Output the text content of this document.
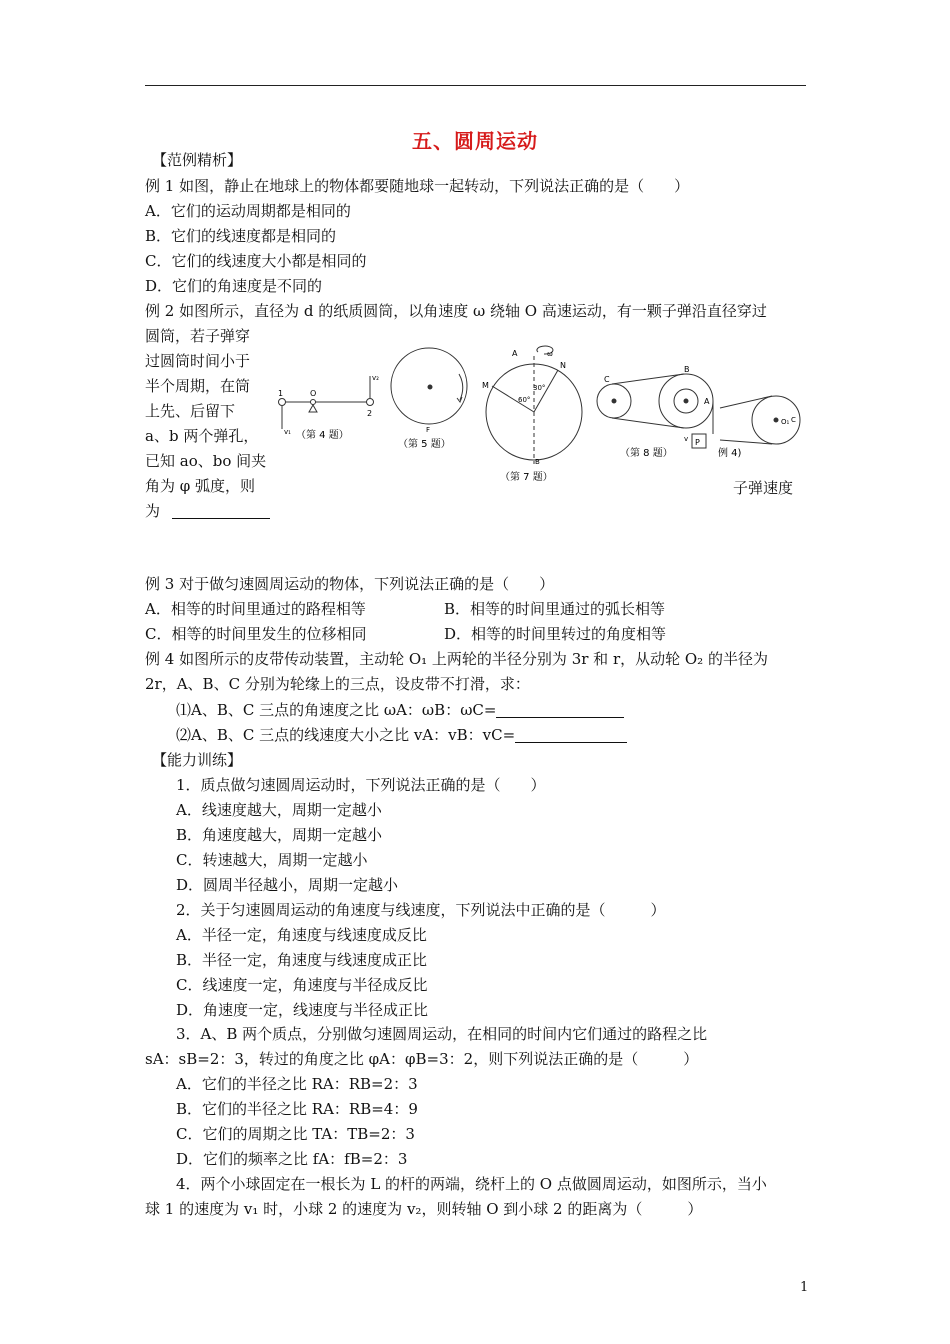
五、圆周运动
【范例精析】
例 1 如图，静止在地球上的物体都要随地球一起转动，下列说法正确的是（　　）
A．它们的运动周期都是相同的
B．它们的线速度都是相同的
C．它们的线速度大小都是相同的
D．它们的角速度是不同的
例 2 如图所示，直径为 d 的纸质圆筒，以角速度 ω 绕轴 O 高速运动，有一颗子弹沿直径穿过
圆筒，若子弹穿
过圆筒时间小于
半个周期，在筒
上先、后留下
a、b 两个弹孔，
已知 ao、bo 间夹
角为 φ 弧度，则
为
子弹速度
1
2
O
v₂
v₁ （第 4 题）	F
（第 5 题）
A	ω
N
M	30°
60°
B
（第 7 题）
C
B
A
P
v
（第 8 题）
O₁ C
例 4)
例 3 对于做匀速圆周运动的物体，下列说法正确的是（　　）
A．相等的时间里通过的路程相等	B．相等的时间里通过的弧长相等
C．相等的时间里发生的位移相同	D．相等的时间里转过的角度相等
例 4 如图所示的皮带传动装置，主动轮 O₁ 上两轮的半径分别为 3r 和 r，从动轮 O₂ 的半径为
2r，A、B、C 分别为轮缘上的三点，设皮带不打滑，求：
⑴A、B、C 三点的角速度之比 ωA：ωB：ωC=
⑵A、B、C 三点的线速度大小之比 vA：vB：vC=
【能力训练】
1．质点做匀速圆周运动时，下列说法正确的是（　　）
A．线速度越大，周期一定越小
B．角速度越大，周期一定越小
C．转速越大，周期一定越小
D．圆周半径越小，周期一定越小
2．关于匀速圆周运动的角速度与线速度，下列说法中正确的是（　　　）
A．半径一定，角速度与线速度成反比
B．半径一定，角速度与线速度成正比
C．线速度一定，角速度与半径成反比
D．角速度一定，线速度与半径成正比
3．A、B 两个质点，分别做匀速圆周运动，在相同的时间内它们通过的路程之比
sA：sB=2：3，转过的角度之比 φA：φB=3：2，则下列说法正确的是（　　　）
A．它们的半径之比 RA：RB=2：3
B．它们的半径之比 RA：RB=4：9
C．它们的周期之比 TA：TB=2：3
D．它们的频率之比 fA：fB=2：3
4．两个小球固定在一根长为 L 的杆的两端，绕杆上的 O 点做圆周运动，如图所示，当小
球 1 的速度为 v₁ 时，小球 2 的速度为 v₂，则转轴 O 到小球 2 的距离为（　　　）
1
